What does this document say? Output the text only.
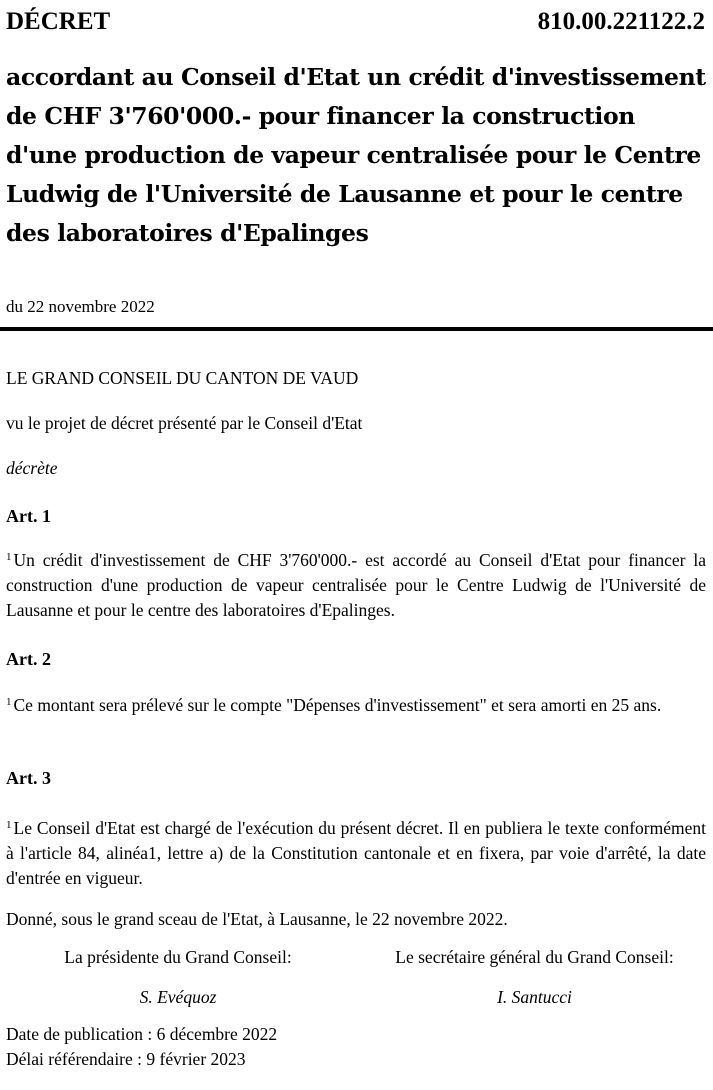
DÉCRET	810.00.221122.2
accordant au Conseil d'Etat un crédit d'investissement de CHF 3'760'000.- pour financer la construction d'une production de vapeur centralisée pour le Centre Ludwig de l'Université de Lausanne et pour le centre des laboratoires d'Epalinges
du 22 novembre 2022

LE GRAND CONSEIL DU CANTON DE VAUD

vu le projet de décret présenté par le Conseil d'Etat

décrète

Art. 1

$^1$ Un crédit d'investissement de CHF 3'760'000.- est accordé au Conseil d'Etat pour financer la construction d'une production de vapeur centralisée pour le Centre Ludwig de l'Université de Lausanne et pour le centre des laboratoires d'Epalinges.

Art. 2

$^1$ Ce montant sera prélevé sur le compte "Dépenses d'investissement" et sera amorti en 25 ans.

Art. 3

$^1$ Le Conseil d'Etat est chargé de l'exécution du présent décret. Il en publiera le texte conformément à l'article 84, alinéa1, lettre a) de la Constitution cantonale et en fixera, par voie d'arrêté, la date d'entrée en vigueur.

Donné, sous le grand sceau de l'Etat, à Lausanne, le 22 novembre 2022.

La présidente du Grand Conseil:	Le secrétaire général du Grand Conseil:
S. Evéquoz	I. Santucci

Date de publication : 6 décembre 2022

Délai référendaire : 9 février 2023
